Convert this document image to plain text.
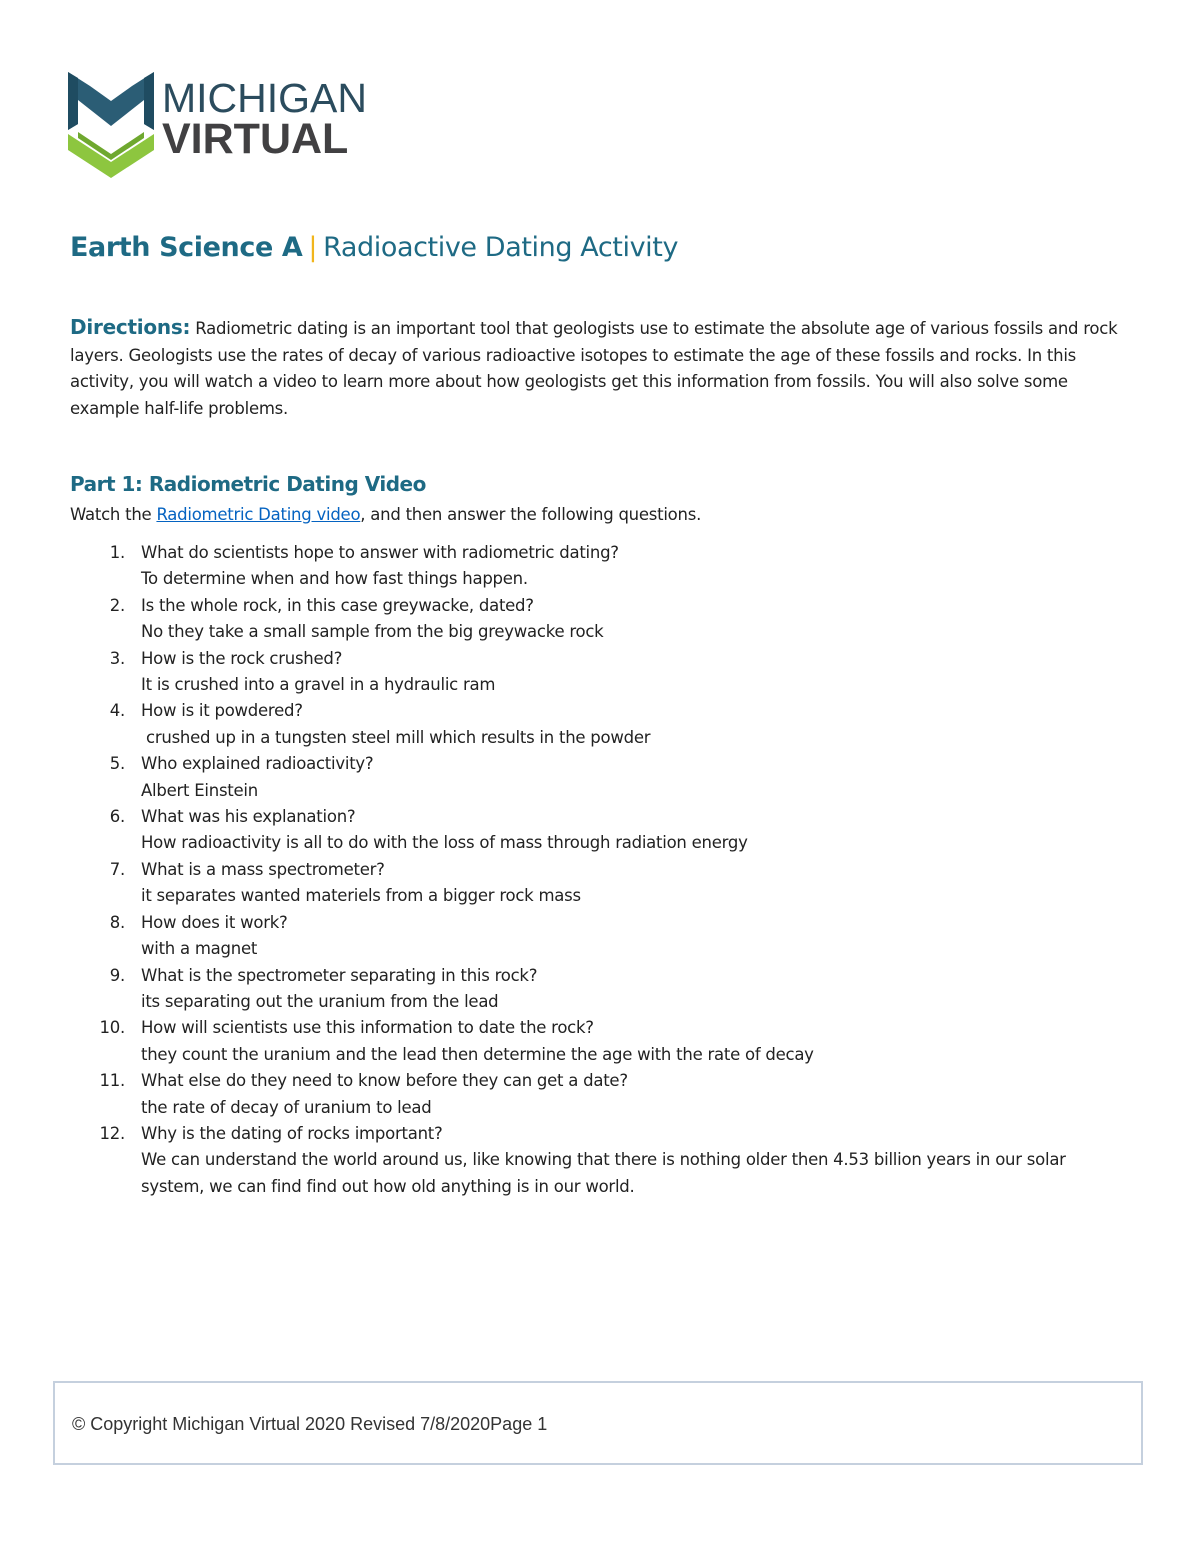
MICHIGAN
VIRTUAL
Earth Science A | Radioactive Dating Activity
Directions: Radiometric dating is an important tool that geologists use to estimate the absolute age of various fossils and rock layers. Geologists use the rates of decay of various radioactive isotopes to estimate the age of these fossils and rocks. In this activity, you will watch a video to learn more about how geologists get this information from fossils. You will also solve some example half-life problems.
Part 1: Radiometric Dating Video
Watch the Radiometric Dating video, and then answer the following questions.
1. What do scientists hope to answer with radiometric dating?
To determine when and how fast things happen.
2. Is the whole rock, in this case greywacke, dated?
No they take a small sample from the big greywacke rock
3. How is the rock crushed?
It is crushed into a gravel in a hydraulic ram
4. How is it powdered?
crushed up in a tungsten steel mill which results in the powder
5. Who explained radioactivity?
Albert Einstein
6. What was his explanation?
How radioactivity is all to do with the loss of mass through radiation energy
7. What is a mass spectrometer?
it separates wanted materiels from a bigger rock mass
8. How does it work?
with a magnet
9. What is the spectrometer separating in this rock?
its separating out the uranium from the lead
10. How will scientists use this information to date the rock?
they count the uranium and the lead then determine the age with the rate of decay
11. What else do they need to know before they can get a date?
the rate of decay of uranium to lead
12. Why is the dating of rocks important?
We can understand the world around us, like knowing that there is nothing older then 4.53 billion years in our solar system, we can find find out how old anything is in our world.
© Copyright Michigan Virtual 2020 Revised 7/8/2020Page 1
